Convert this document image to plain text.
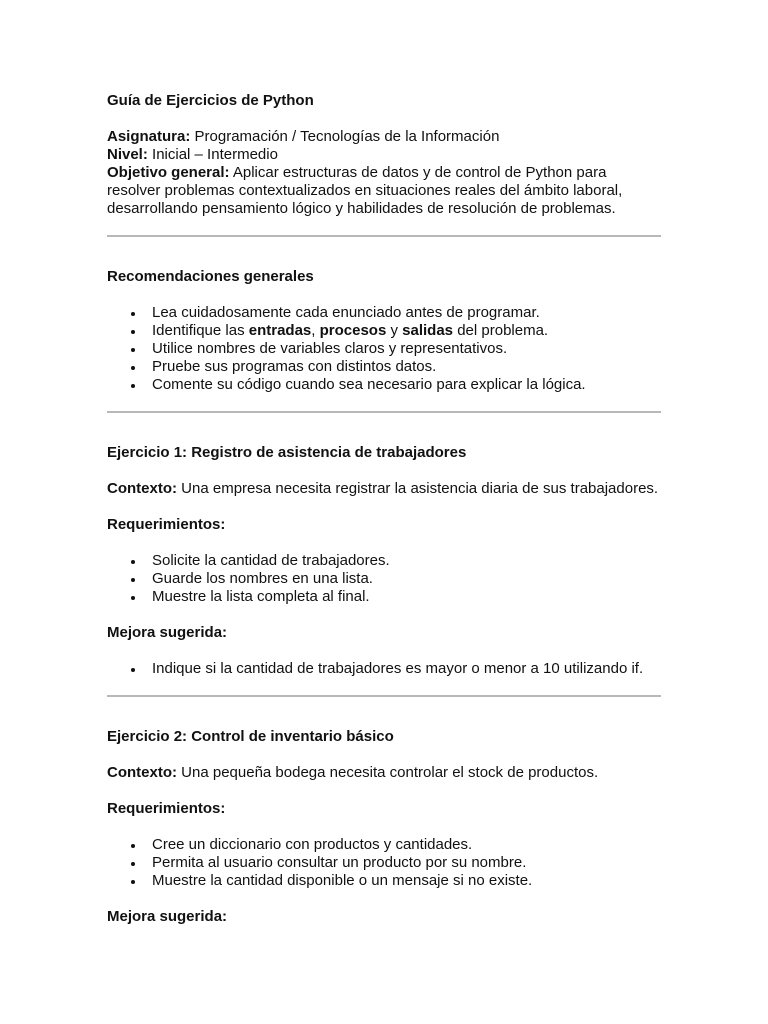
Guía de Ejercicios de Python

Asignatura: Programación / Tecnologías de la Información

Nivel: Inicial – Intermedio

Objetivo general: Aplicar estructuras de datos y de control de Python para resolver problemas contextualizados en situaciones reales del ámbito laboral, desarrollando pensamiento lógico y habilidades de resolución de problemas.

Recomendaciones generales
Lea cuidadosamente cada enunciado antes de programar.
Identifique las entradas, procesos y salidas del problema.
Utilice nombres de variables claros y representativos.
Pruebe sus programas con distintos datos.
Comente su código cuando sea necesario para explicar la lógica.
Ejercicio 1: Registro de asistencia de trabajadores

Contexto: Una empresa necesita registrar la asistencia diaria de sus trabajadores.

Requerimientos:

Solicite la cantidad de trabajadores.
Guarde los nombres en una lista.
Muestre la lista completa al final.

Mejora sugerida:

Indique si la cantidad de trabajadores es mayor o menor a 10 utilizando if.
Ejercicio 2: Control de inventario básico

Contexto: Una pequeña bodega necesita controlar el stock de productos.

Requerimientos:

Cree un diccionario con productos y cantidades.
Permita al usuario consultar un producto por su nombre.
Muestre la cantidad disponible o un mensaje si no existe.

Mejora sugerida:
